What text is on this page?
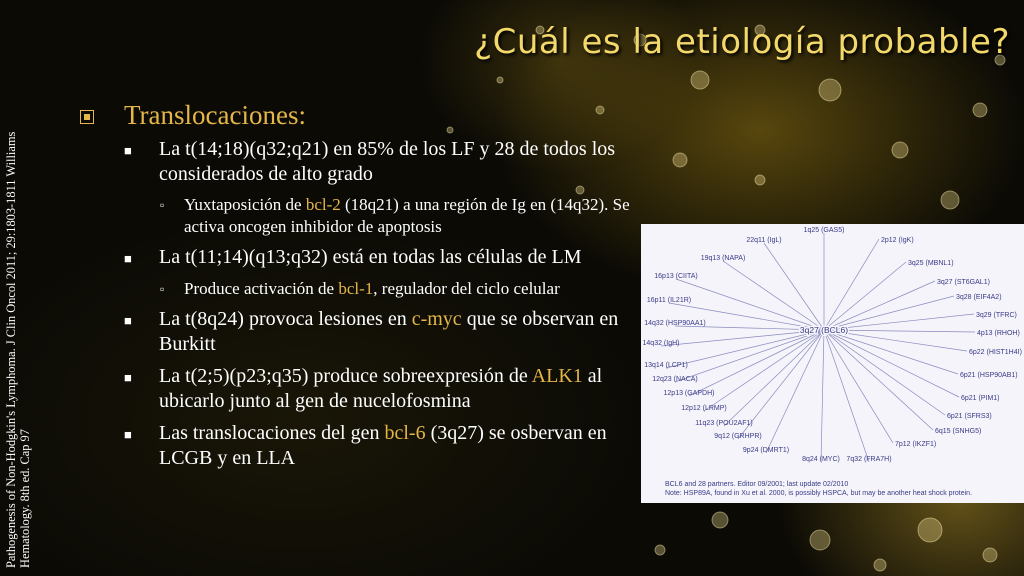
¿Cuál es la etiología probable?
Pathogenesis of Non-Hodgkin's Lymphoma. J Clin Oncol 2011; 29:1803-1811 Williams Hematology. 8th ed. Cap 97
Translocaciones:
■	La t(14;18)(q32;q21) en 85% de los LF y 28 de todos los considerados de alto grado
▫	Yuxtaposición de bcl-2 (18q21) a una región de Ig en (14q32). Se activa oncogen inhibidor de apoptosis
■	La t(11;14)(q13;q32) está en todas las células de LM
▫	Produce activación de bcl-1, regulador del ciclo celular
■	La t(8q24) provoca lesiones en c-myc que se observan en Burkitt
■	La t(2;5)(p23;q35) produce sobreexpresión de ALK1 al ubicarlo junto al gen de nucelofosmina
■	Las translocaciones del gen bcl-6 (3q27) se osbervan en LCGB y en LLA
1q25 (GAS5)
2p12 (IgK)
3q25 (MBNL1)
3q27 (ST6GAL1)
3q28 (EIF4A2)
3q29 (TFRC)
4p13 (RHOH)
6p22 (HIST1H4I)
6p21 (HSP90AB1)
6p21 (PIM1)
6p21 (SFRS3)
6q15 (SNHG5)
7p12 (IKZF1)
7q32 (FRA7H)
8q24 (MYC)
9p24 (DMRT1)
9q12 (GRHPR)
11q23 (POU2AF1)
12p12 (LRMP)
12p13 (GAPDH)
12q23 (NACA)
13q14 (LCP1)
14q32 (IgH)
14q32 (HSP90AA1)
16p11 (IL21R)
16p13 (CIITA)
19q13 (NAPA)
22q11 (IgL)
3q27 (BCL6)
BCL6 and 28 partners. Editor 09/2001; last update 02/2010
Note: HSP89A, found in Xu et al. 2000, is possibly HSPCA, but may be another heat shock protein.
